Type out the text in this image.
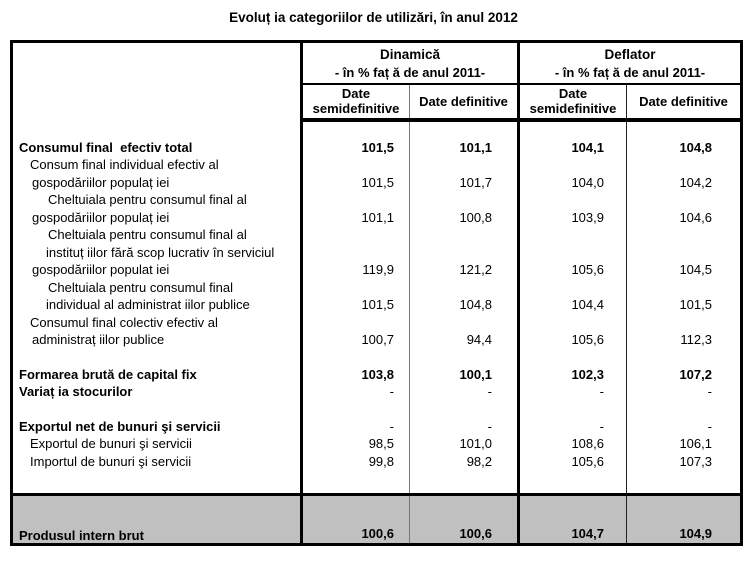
Evoluț ia categoriilor de utilizări, în anul 2012

Dinamică
- în % faț ă de anul 2011-

Deflator
- în % faț ă de anul 2011-

	Date semidefinitive	Date definitive	Date semidefinitive	Date definitive

Consumul final  efectiv total	101,5	101,1	104,1	104,8

Consum final individual efectiv al
gospodăriilor populaț iei	101,5	101,7	104,0	104,2

Cheltuiala pentru consumul final al
gospodăriilor populaț iei	101,1	100,8	103,9	104,6

Cheltuiala pentru consumul final al
instituț iilor fără scop lucrativ în serviciul
gospodăriilor populat iei	119,9	121,2	105,6	104,5

Cheltuiala pentru consumul final
individual al administrat iilor publice	101,5	104,8	104,4	101,5

Consumul final colectiv efectiv al
administraț iilor publice	100,7	94,4	105,6	112,3

Formarea brută de capital fix	103,8	100,1	102,3	107,2

Variaț ia stocurilor	-	-	-	-

Exportul net de bunuri şi servicii	-	-	-	-

Exportul de bunuri şi servicii	98,5	101,0	108,6	106,1

Importul de bunuri şi servicii	99,8	98,2	105,6	107,3

Produsul intern brut	100,6	100,6	104,7	104,9
